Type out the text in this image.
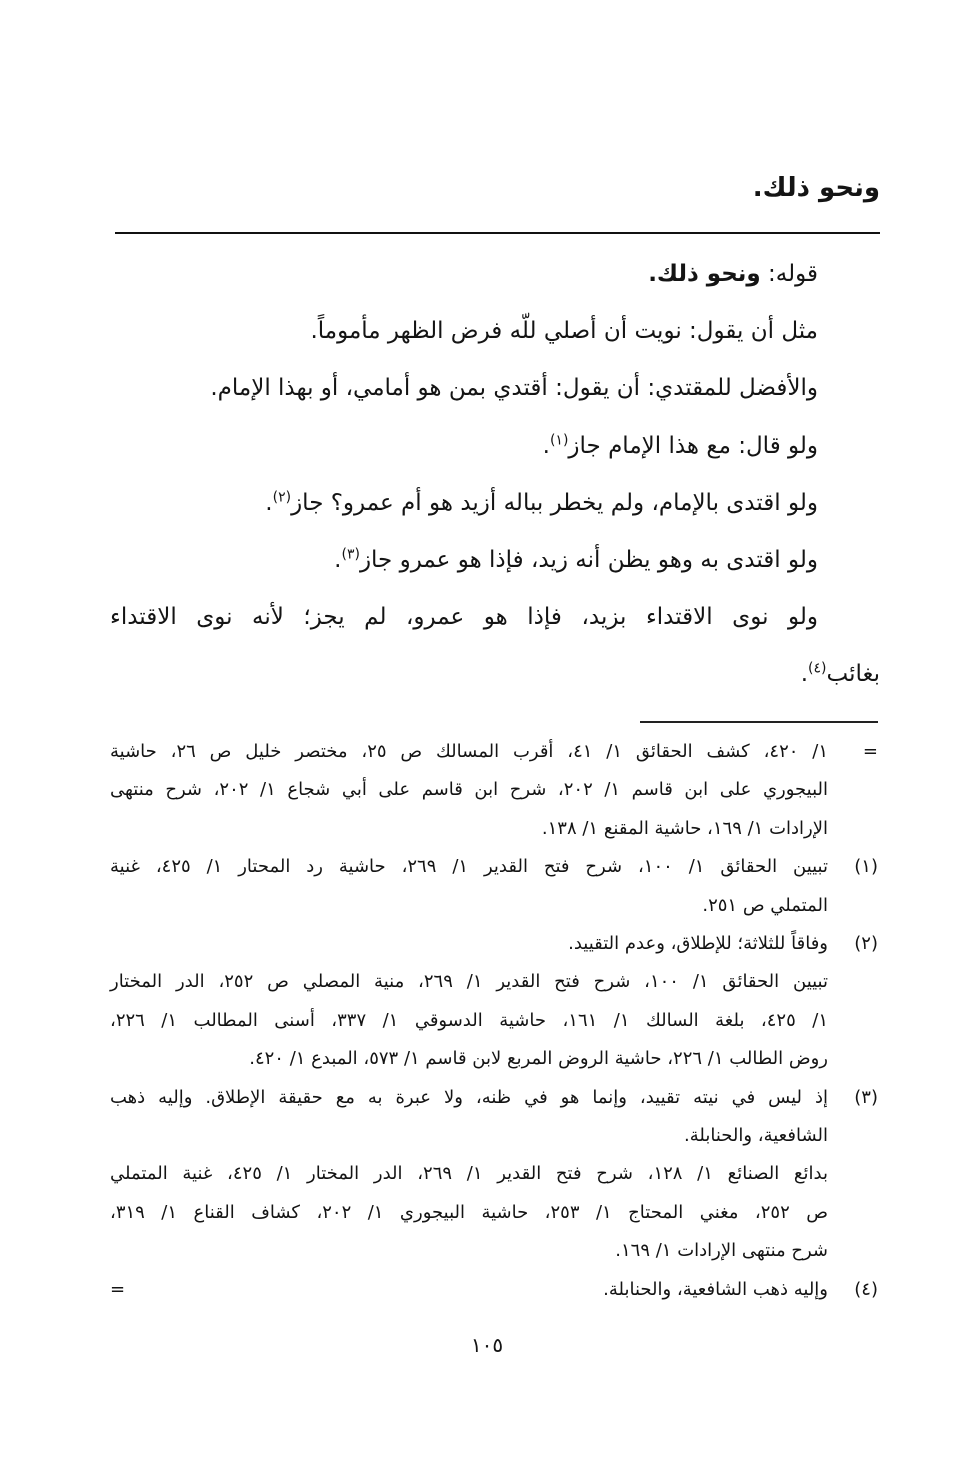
ونحو ذلك.
قوله: ونحو ذلك.
مثل أن يقول: نويت أن أصلي للّه فرض الظهر مأموماً.
والأفضل للمقتدي: أن يقول: أقتدي بمن هو أمامي، أو بهذا الإمام.
ولو قال: مع هذا الإمام جاز$^{(١)}$.
ولو اقتدى بالإمام، ولم يخطر بباله أزيد هو أم عمرو؟ جاز$^{(٢)}$.
ولو اقتدى به وهو يظن أنه زيد، فإذا هو عمرو جاز$^{(٣)}$.
ولو نوى الاقتداء بزيد، فإذا هو عمرو، لم يجز؛ لأنه نوى الاقتداء
بغائب$^{(٤)}$.
=
١/ ٤٢٠، كشف الحقائق ١/ ٤١، أقرب المسالك ص ٢٥، مختصر خليل ص ٢٦، حاشية
البيجوري على ابن قاسم ١/ ٢٠٢، شرح ابن قاسم على أبي شجاع ١/ ٢٠٢، شرح منتهى
الإرادات ١/ ١٦٩، حاشية المقنع ١/ ١٣٨.
(١)
تبيين الحقائق ١/ ١٠٠، شرح فتح القدير ١/ ٢٦٩، حاشية رد المحتار ١/ ٤٢٥، غنية
المتملي ص ٢٥١.
(٢)
وفاقاً للثلاثة؛ للإطلاق، وعدم التقييد.
تبيين الحقائق ١/ ١٠٠، شرح فتح القدير ١/ ٢٦٩، منية المصلي ص ٢٥٢، الدر المختار
١/ ٤٢٥، بلغة السالك ١/ ١٦١، حاشية الدسوقي ١/ ٣٣٧، أسنى المطالب ١/ ٢٢٦،
روض الطالب ١/ ٢٢٦، حاشية الروض المربع لابن قاسم ١/ ٥٧٣، المبدع ١/ ٤٢٠.
(٣)
إذ ليس في نيته تقييد، وإنما هو في ظنه، ولا عبرة به مع حقيقة الإطلاق. وإليه ذهب
الشافعية، والحنابلة.
بدائع الصنائع ١/ ١٢٨، شرح فتح القدير ١/ ٢٦٩، الدر المختار ١/ ٤٢٥، غنية المتملي
ص ٢٥٢، مغني المحتاج ١/ ٢٥٣، حاشية البيجوري ١/ ٢٠٢، كشاف القناع ١/ ٣١٩،
شرح منتهى الإرادات ١/ ١٦٩.
(٤)
وإليه ذهب الشافعية، والحنابلة.
=
١٠٥
